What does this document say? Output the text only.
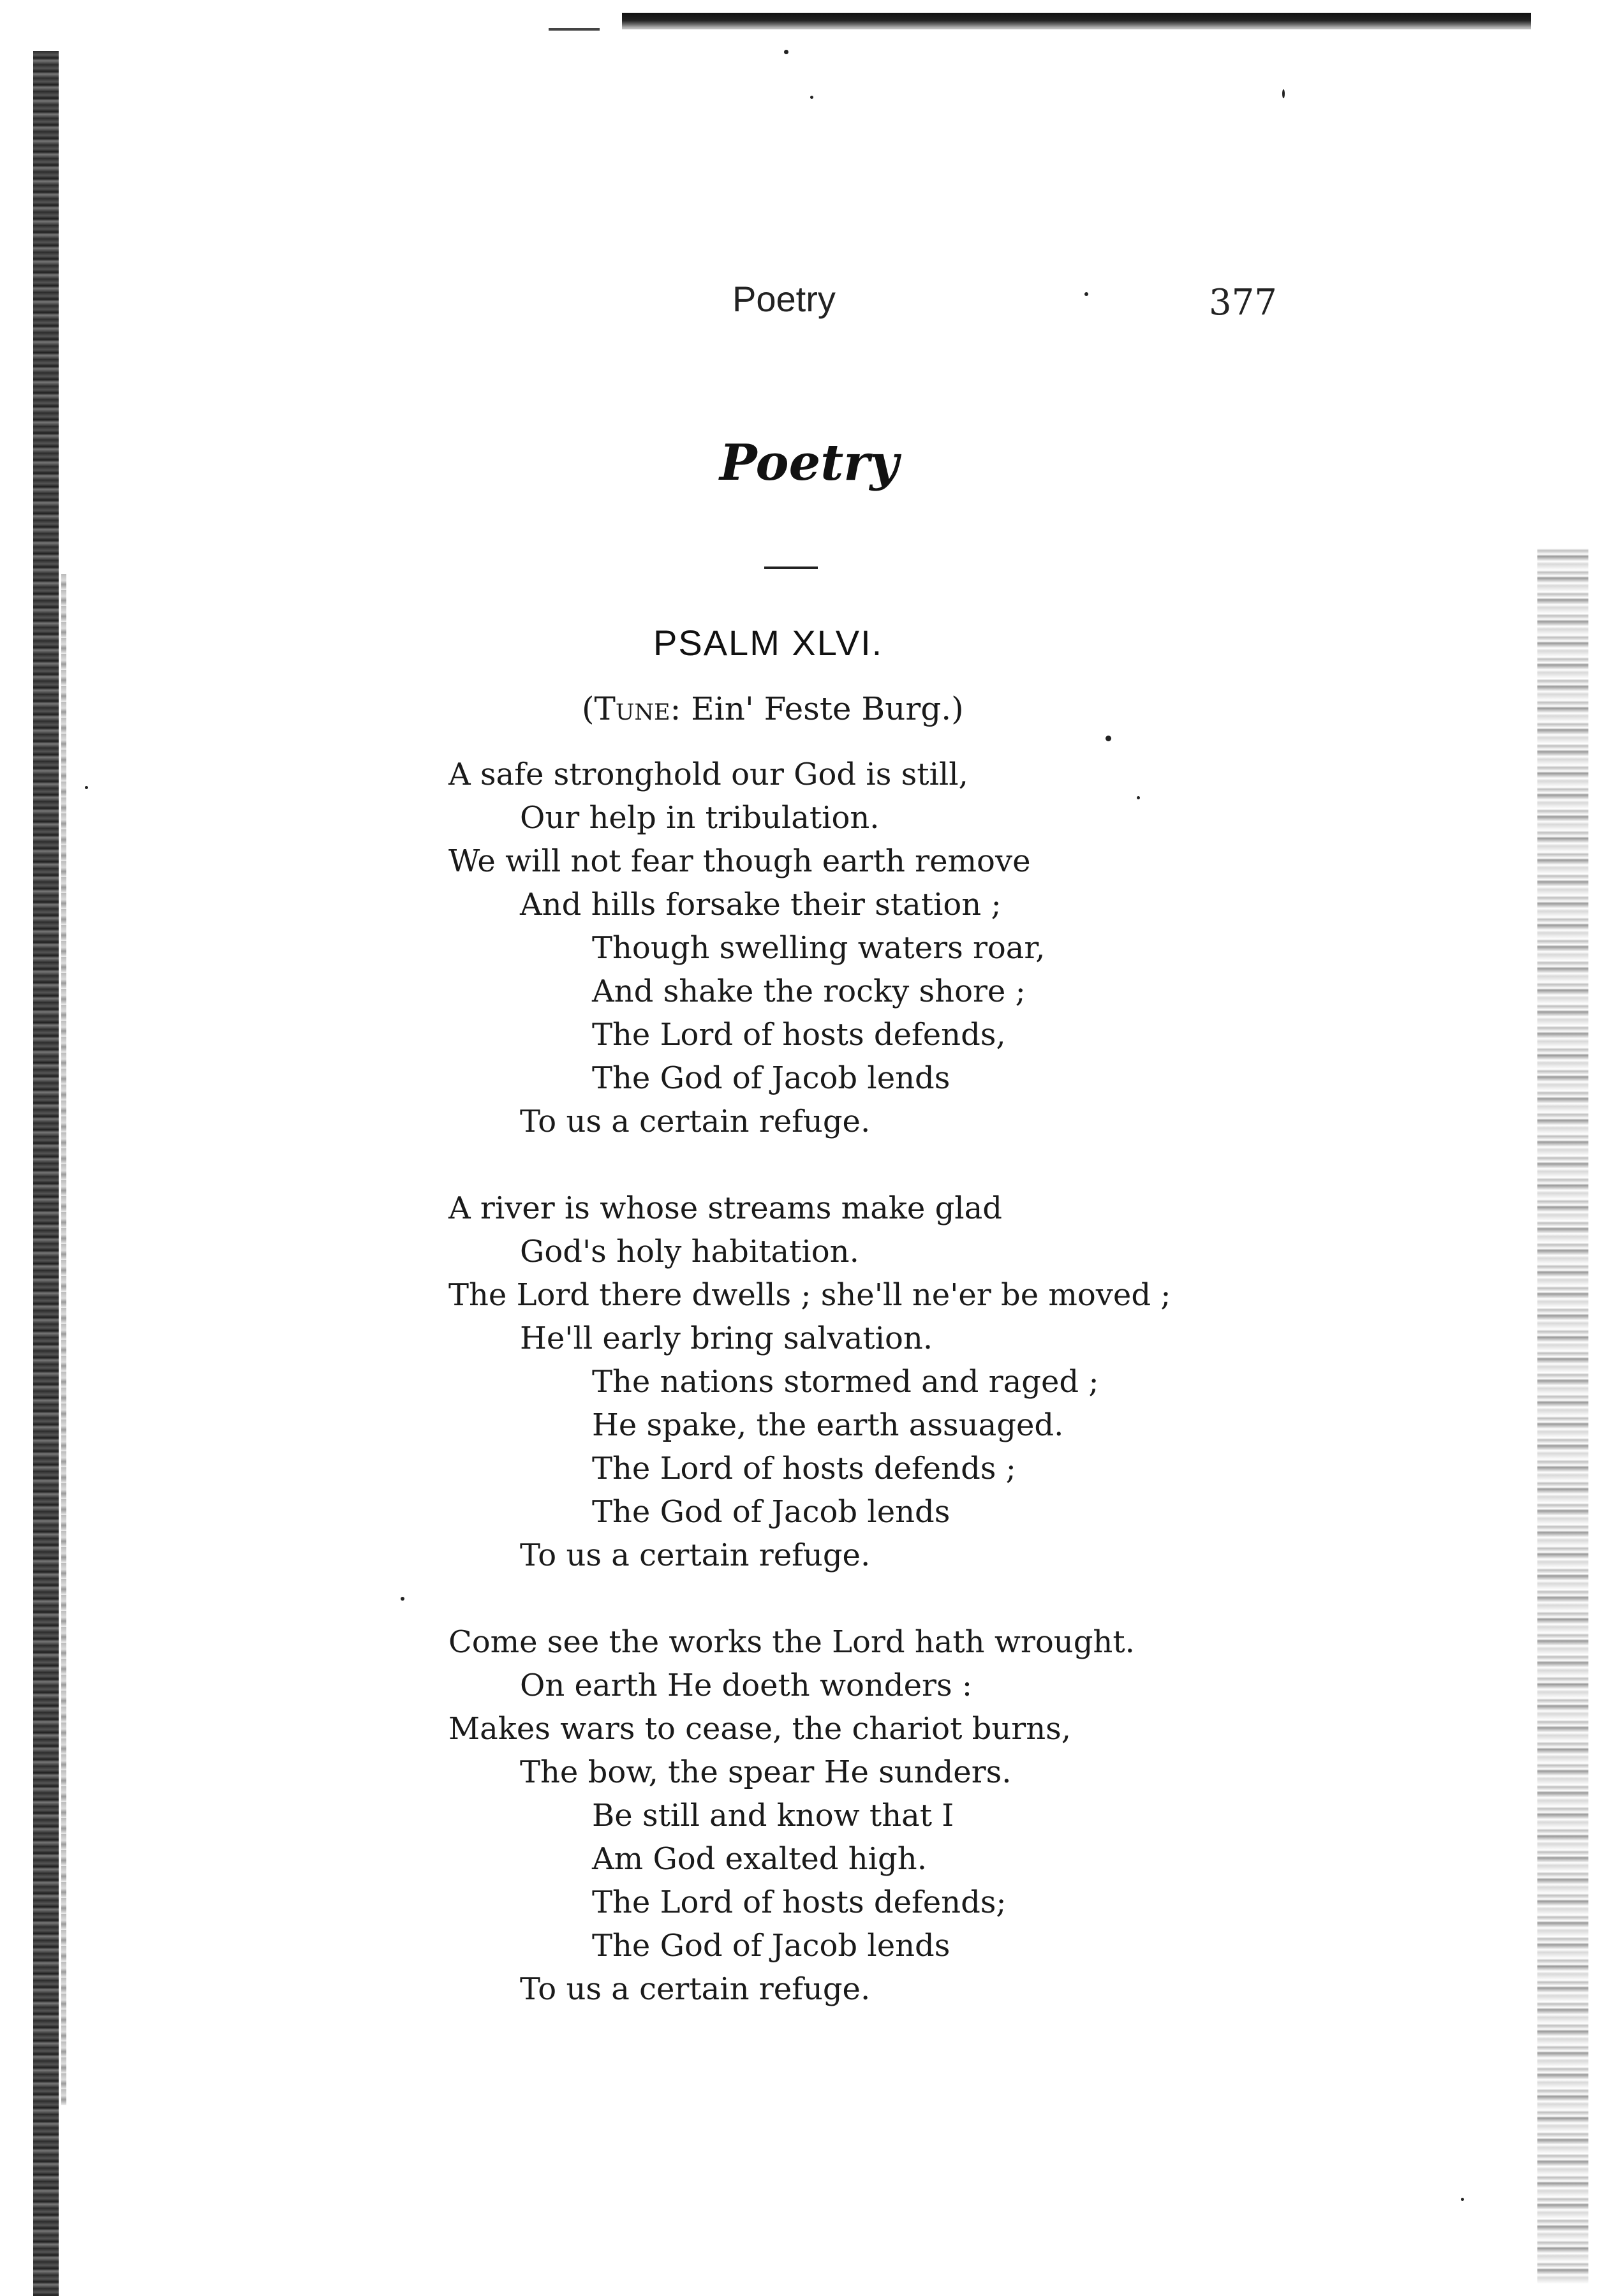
Poetry	377
Poetry
PSALM XLVI.
(Tune: Ein' Feste Burg.)
A safe stronghold our God is still,
Our help in tribulation.
We will not fear though earth remove
And hills forsake their station ;
Though swelling waters roar,
And shake the rocky shore ;
The Lord of hosts defends,
The God of Jacob lends
To us a certain refuge.
A river is whose streams make glad
God's holy habitation.
The Lord there dwells ; she'll ne'er be moved ;
He'll early bring salvation.
The nations stormed and raged ;
He spake, the earth assuaged.
The Lord of hosts defends ;
The God of Jacob lends
To us a certain refuge.
Come see the works the Lord hath wrought.
On earth He doeth wonders :
Makes wars to cease, the chariot burns,
The bow, the spear He sunders.
Be still and know that I
Am God exalted high.
The Lord of hosts defends;
The God of Jacob lends
To us a certain refuge.
